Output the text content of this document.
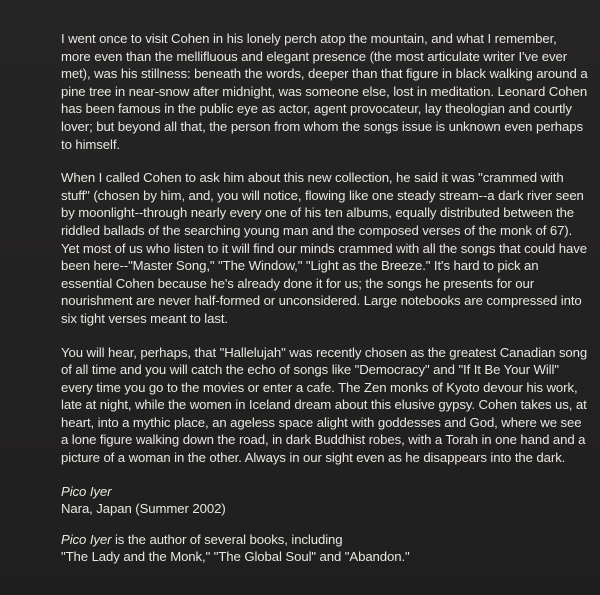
I went once to visit Cohen in his lonely perch atop the mountain, and what I remember, more even than the mellifluous and elegant presence (the most articulate writer I've ever met), was his stillness: beneath the words, deeper than that figure in black walking around a pine tree in near-snow after midnight, was someone else, lost in meditation. Leonard Cohen has been famous in the public eye as actor, agent provocateur, lay theologian and courtly lover; but beyond all that, the person from whom the songs issue is unknown even perhaps to himself.

When I called Cohen to ask him about this new collection, he said it was "crammed with stuff" (chosen by him, and, you will notice, flowing like one steady stream--a dark river seen by moonlight--through nearly every one of his ten albums, equally distributed between the riddled ballads of the searching young man and the composed verses of the monk of 67). Yet most of us who listen to it will find our minds crammed with all the songs that could have been here--"Master Song," "The Window," "Light as the Breeze." It's hard to pick an essential Cohen because he's already done it for us; the songs he presents for our nourishment are never half-formed or unconsidered. Large notebooks are compressed into six tight verses meant to last.

You will hear, perhaps, that "Hallelujah" was recently chosen as the greatest Canadian song of all time and you will catch the echo of songs like "Democracy" and "If It Be Your Will" every time you go to the movies or enter a cafe. The Zen monks of Kyoto devour his work, late at night, while the women in Iceland dream about this elusive gypsy. Cohen takes us, at heart, into a mythic place, an ageless space alight with goddesses and God, where we see a lone figure walking down the road, in dark Buddhist robes, with a Torah in one hand and a picture of a woman in the other. Always in our sight even as he disappears into the dark.

Pico Iyer
Nara, Japan (Summer 2002)
Pico Iyer is the author of several books, including
"The Lady and the Monk," "The Global Soul" and "Abandon."
